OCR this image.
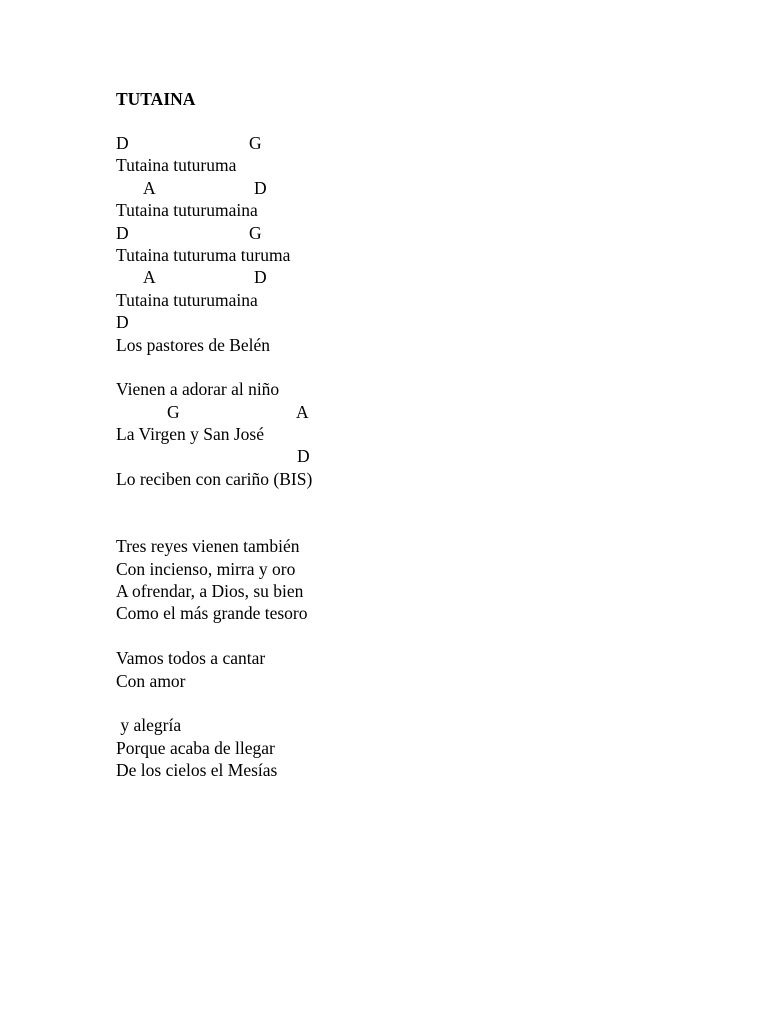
TUTAINA
D	G
Tutaina tuturuma
A	D
Tutaina tuturumaina
D	G
Tutaina tuturuma turuma
A	D
Tutaina tuturumaina
D
Los pastores de Belén
Vienen a adorar al niño
G	A
La Virgen y San José
D
Lo reciben con cariño (BIS)
Tres reyes vienen también
Con incienso, mirra y oro
A ofrendar, a Dios, su bien
Como el más grande tesoro
Vamos todos a cantar
Con amor
y alegría
Porque acaba de llegar
De los cielos el Mesías
